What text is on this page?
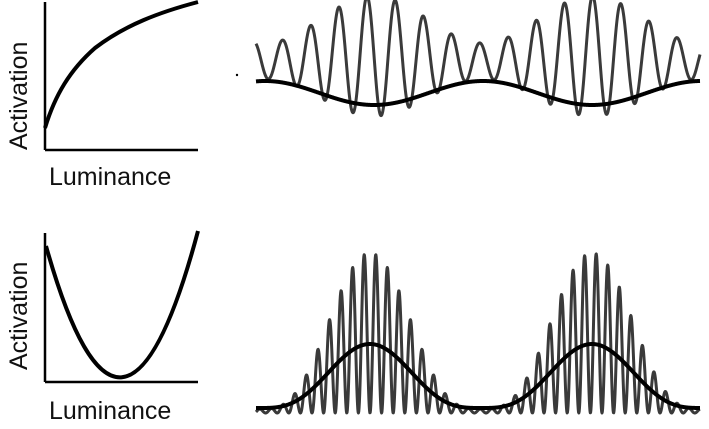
Activation
Luminance
Activation
Luminance
